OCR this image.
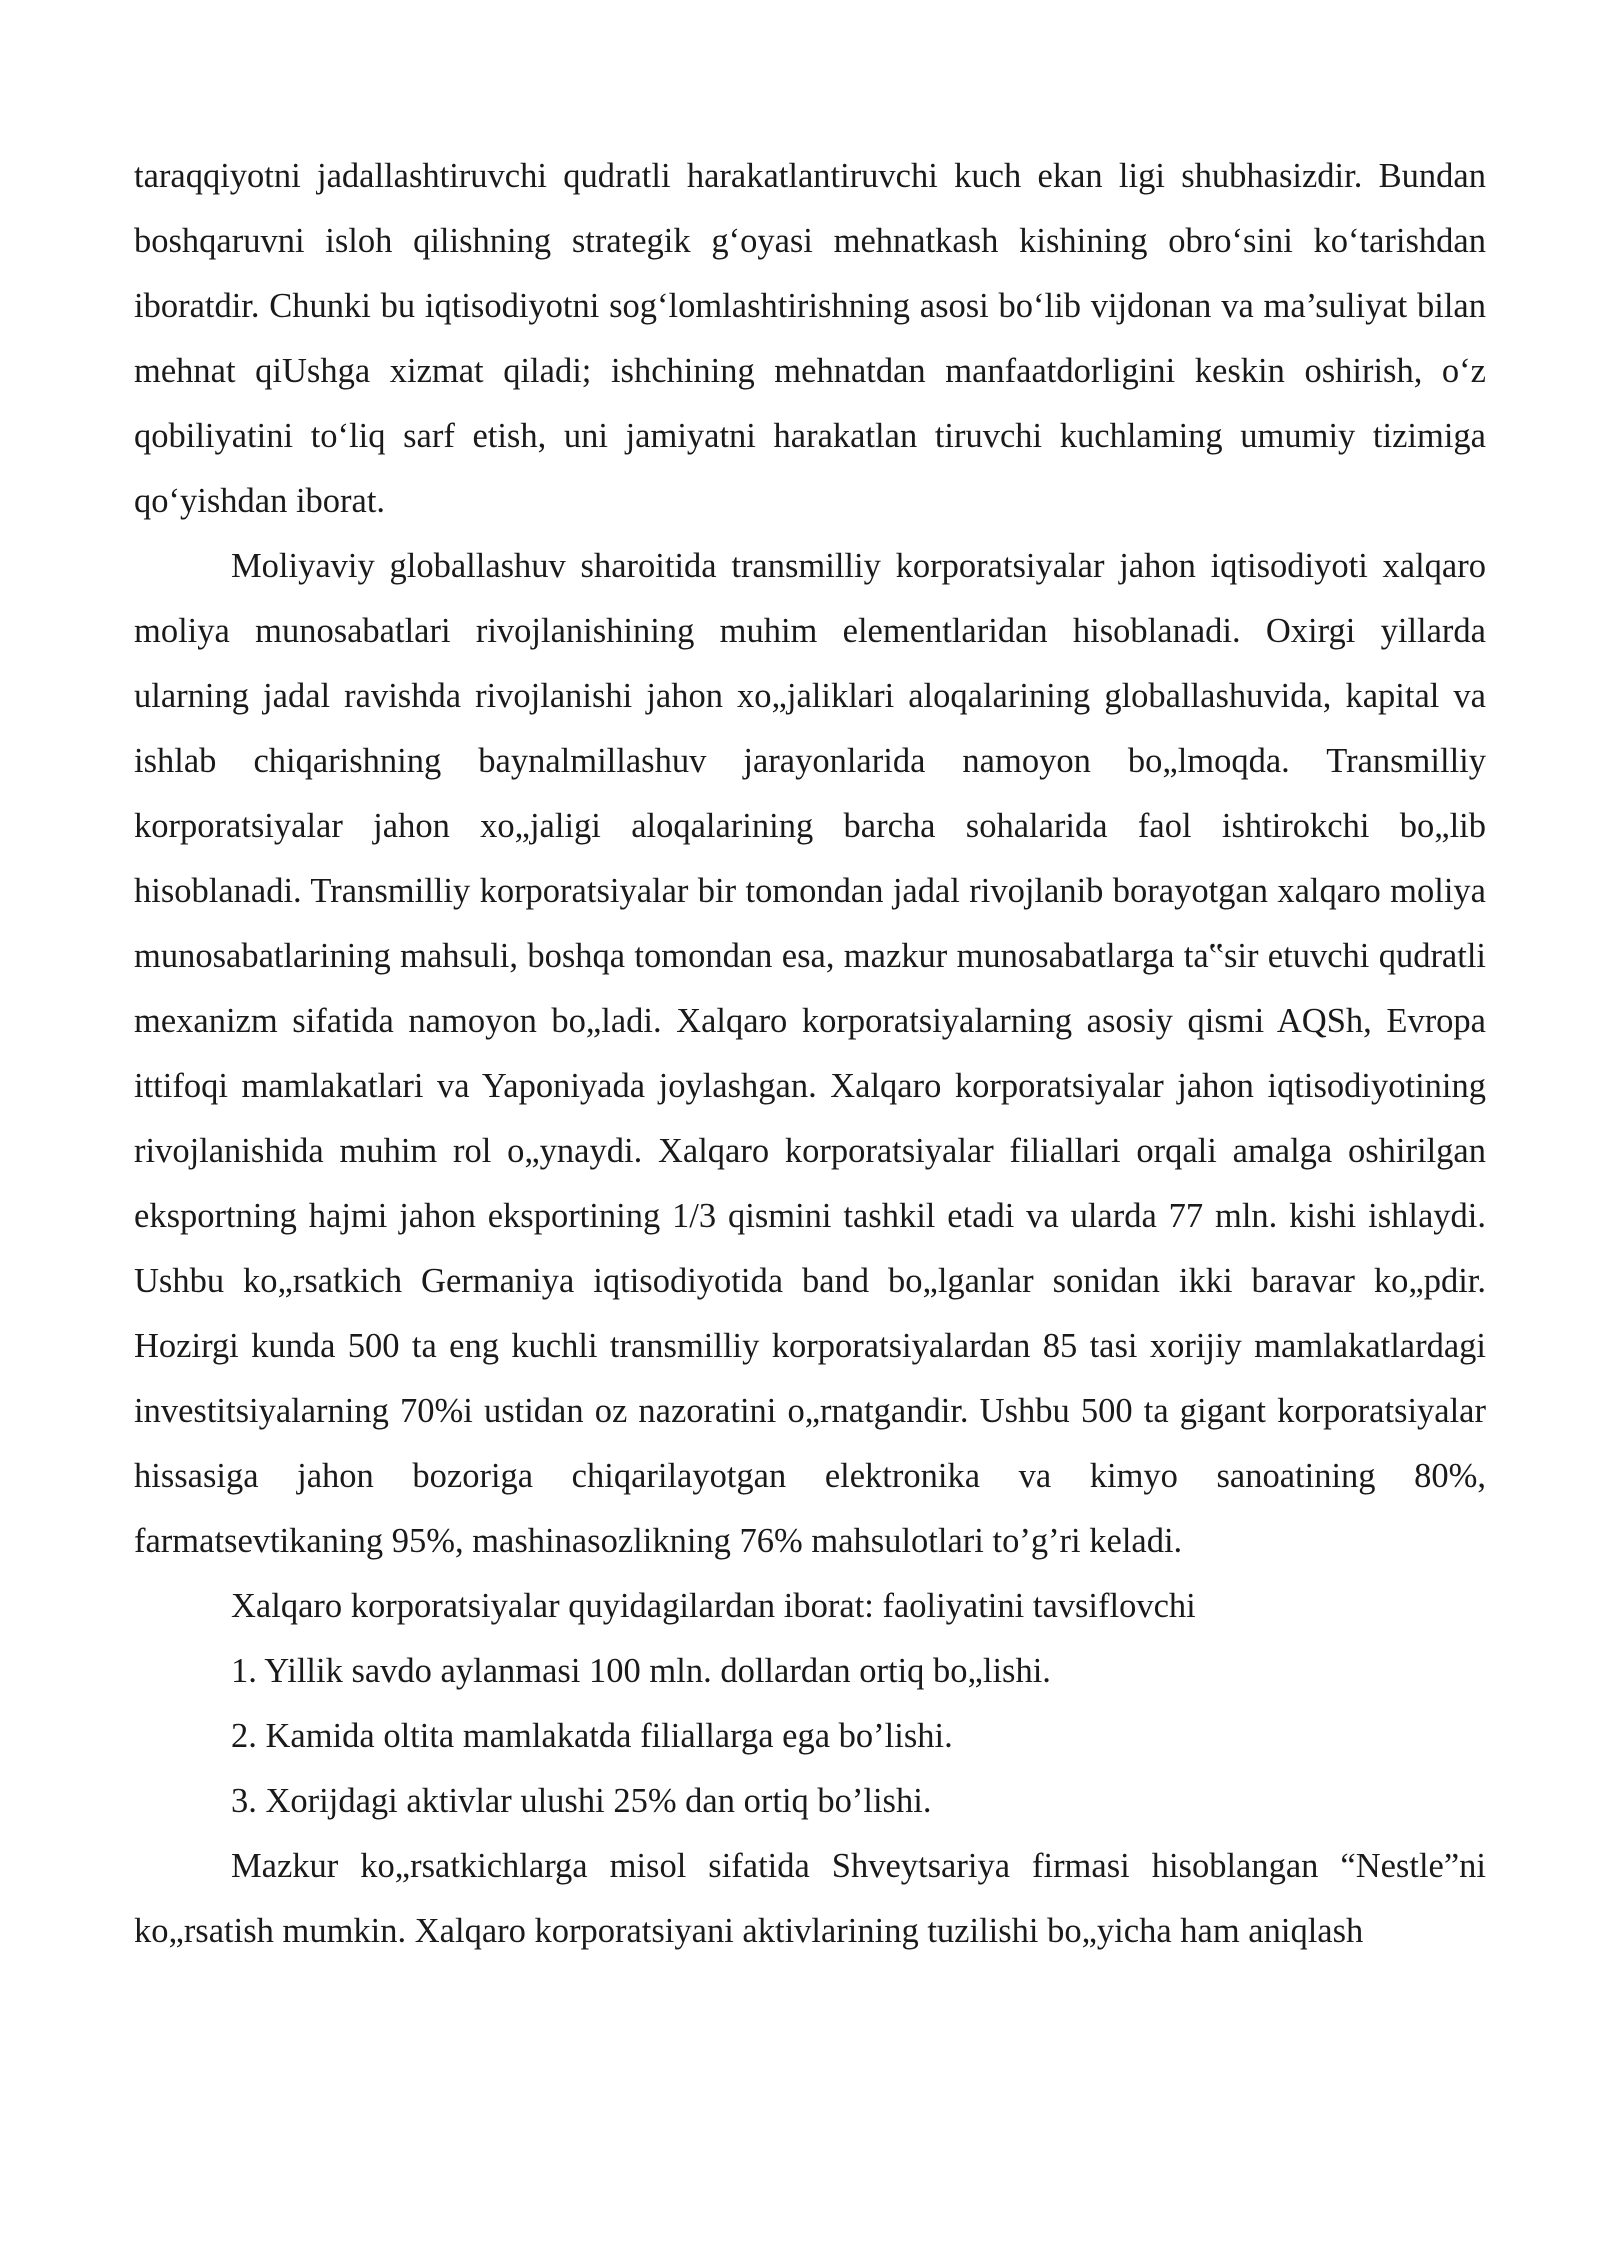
taraqqiyotni jadallashtiruvchi qudratli harakatlantiruvchi kuch ekan ligi shubhasizdir. Bundan boshqaruvni isloh qilishning strategik g‘oyasi mehnatkash kishining obro‘sini ko‘tarishdan iboratdir. Chunki bu iqtisodiyotni sog‘lomlashtirishning asosi bo‘lib vijdonan va ma’suliyat bilan mehnat qiUshga xizmat qiladi; ishchining mehnatdan manfaatdorligini keskin oshirish, o‘z qobiliyatini to‘liq sarf etish, uni jamiyatni harakatlan tiruvchi kuchlaming umumiy tizimiga qo‘yishdan iborat.

Moliyaviy globallashuv sharoitida transmilliy korporatsiyalar jahon iqtisodiyoti xalqaro moliya munosabatlari rivojlanishining muhim elementlaridan hisoblanadi. Oxirgi yillarda ularning jadal ravishda rivojlanishi jahon xo„jaliklari aloqalarining globallashuvida, kapital va ishlab chiqarishning baynalmillashuv jarayonlarida namoyon bo„lmoqda. Transmilliy korporatsiyalar jahon xo„jaligi aloqalarining barcha sohalarida faol ishtirokchi bo„lib hisoblanadi. Transmilliy korporatsiyalar bir tomondan jadal rivojlanib borayotgan xalqaro moliya munosabatlarining mahsuli, boshqa tomondan esa, mazkur munosabatlarga ta‟sir etuvchi qudratli mexanizm sifatida namoyon bo„ladi. Xalqaro korporatsiyalarning asosiy qismi AQSh, Evropa ittifoqi mamlakatlari va Yaponiyada joylashgan. Xalqaro korporatsiyalar jahon iqtisodiyotining rivojlanishida muhim rol o„ynaydi. Xalqaro korporatsiyalar filiallari orqali amalga oshirilgan eksportning hajmi jahon eksportining 1/3 qismini tashkil etadi va ularda 77 mln. kishi ishlaydi. Ushbu ko„rsatkich Germaniya iqtisodiyotida band bo„lganlar sonidan ikki baravar ko„pdir. Hozirgi kunda 500 ta eng kuchli transmilliy korporatsiyalardan 85 tasi xorijiy mamlakatlardagi investitsiyalarning 70%i ustidan oz nazoratini o„rnatgandir. Ushbu 500 ta gigant korporatsiyalar hissasiga jahon bozoriga chiqarilayotgan elektronika va kimyo sanoatining 80%, farmatsevtikaning 95%, mashinasozlikning 76% mahsulotlari to’g’ri keladi.

Xalqaro korporatsiyalar quyidagilardan iborat: faoliyatini tavsiflovchi

1. Yillik savdo aylanmasi 100 mln. dollardan ortiq bo„lishi.

2. Kamida oltita mamlakatda filiallarga ega bo’lishi.

3. Xorijdagi aktivlar ulushi 25% dan ortiq bo’lishi.

Mazkur ko„rsatkichlarga misol sifatida Shveytsariya firmasi hisoblangan “Nestle”ni ko„rsatish mumkin. Xalqaro korporatsiyani aktivlarining tuzilishi bo„yicha ham aniqlash
